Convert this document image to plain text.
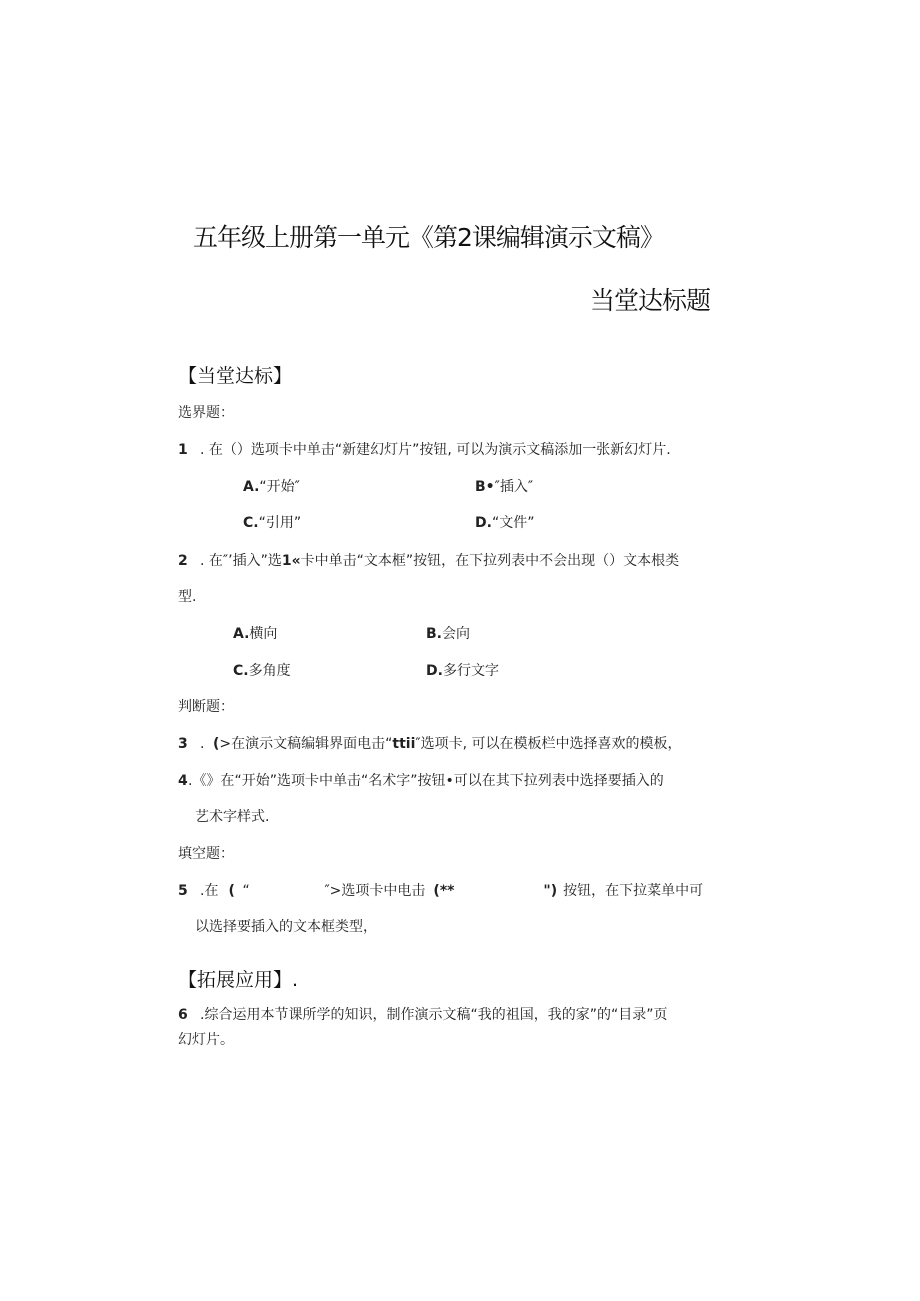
五年级上册第一单元《第2课编辑演示文稿》
当堂达标题
【当堂达标】
选界题：
1 . 在（）选项卡中单击“新建幻灯片”按钮, 可以为演示文稿添加一张新幻灯片.
A.“开始″	B•″插入″
C.“引用”	D.“文件”
2 . 在″’插入”选1«卡中单击“文本框”按钮，在下拉列表中不会出现（）文本根类
型.
A.横向	B.会向
C.多角度	D.多行文字
判断题：
3 . (>在演示文稿编辑界面电击“ttii″选项卡, 可以在模板栏中选择喜欢的模板，
4.《》在“开始”选项卡中单击“名术字”按钮•可以在其下拉列表中选择要插入的
艺术字样式.
填空题：
5 .在 ( “	″>选项卡中电击 (**	") 按钮，在下拉菜单中可
以选择要插入的文本框类型，
【拓展应用】.
6 .综合运用本节课所学的知识，制作演示文稿“我的祖国，我的家”的“目录”页
幻灯片。
